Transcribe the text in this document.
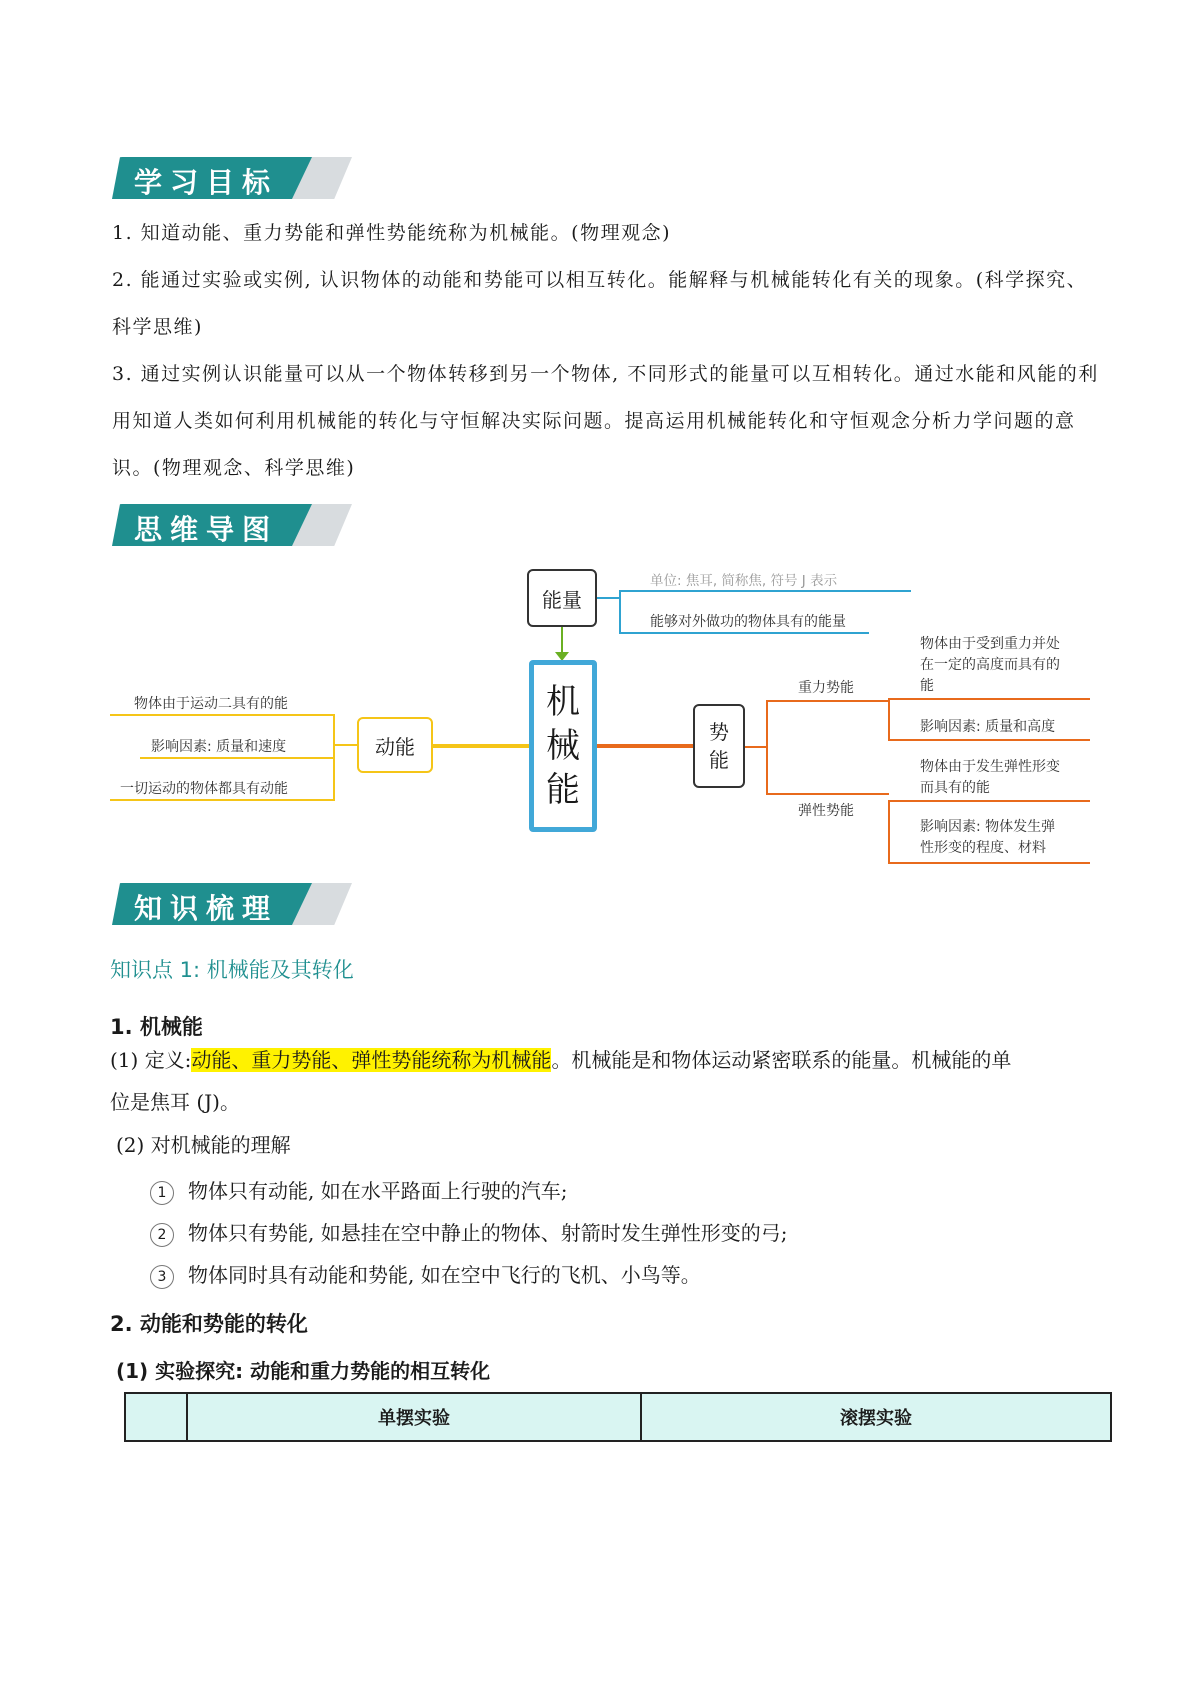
学习目标
1. 知道动能、重力势能和弹性势能统称为机械能。(物理观念)
2. 能通过实验或实例, 认识物体的动能和势能可以相互转化。能解释与机械能转化有关的现象。(科学探究、科学思维)
3. 通过实例认识能量可以从一个物体转移到另一个物体, 不同形式的能量可以互相转化。通过水能和风能的利用知道人类如何利用机械能的转化与守恒解决实际问题。提高运用机械能转化和守恒观念分析力学问题的意识。(物理观念、科学思维)
思维导图
能量
单位: 焦耳, 简称焦, 符号 J 表示
能够对外做功的物体具有的能量
机
械
能
动能
物体由于运动二具有的能
影响因素: 质量和速度
一切运动的物体都具有动能
势
能
重力势能
弹性势能
物体由于受到重力并处
在一定的高度而具有的
能
影响因素: 质量和高度
物体由于发生弹性形变
而具有的能
影响因素: 物体发生弹
性形变的程度、材料
知识梳理
知识点 1: 机械能及其转化
1. 机械能
(1) 定义:动能、重力势能、弹性势能统称为机械能。机械能是和物体运动紧密联系的能量。机械能的单
位是焦耳 (J)。
(2) 对机械能的理解
1 物体只有动能, 如在水平路面上行驶的汽车;
2 物体只有势能, 如悬挂在空中静止的物体、射箭时发生弹性形变的弓;
3 物体同时具有动能和势能, 如在空中飞行的飞机、小鸟等。
2. 动能和势能的转化
(1) 实验探究: 动能和重力势能的相互转化
	单摆实验	滚摆实验
